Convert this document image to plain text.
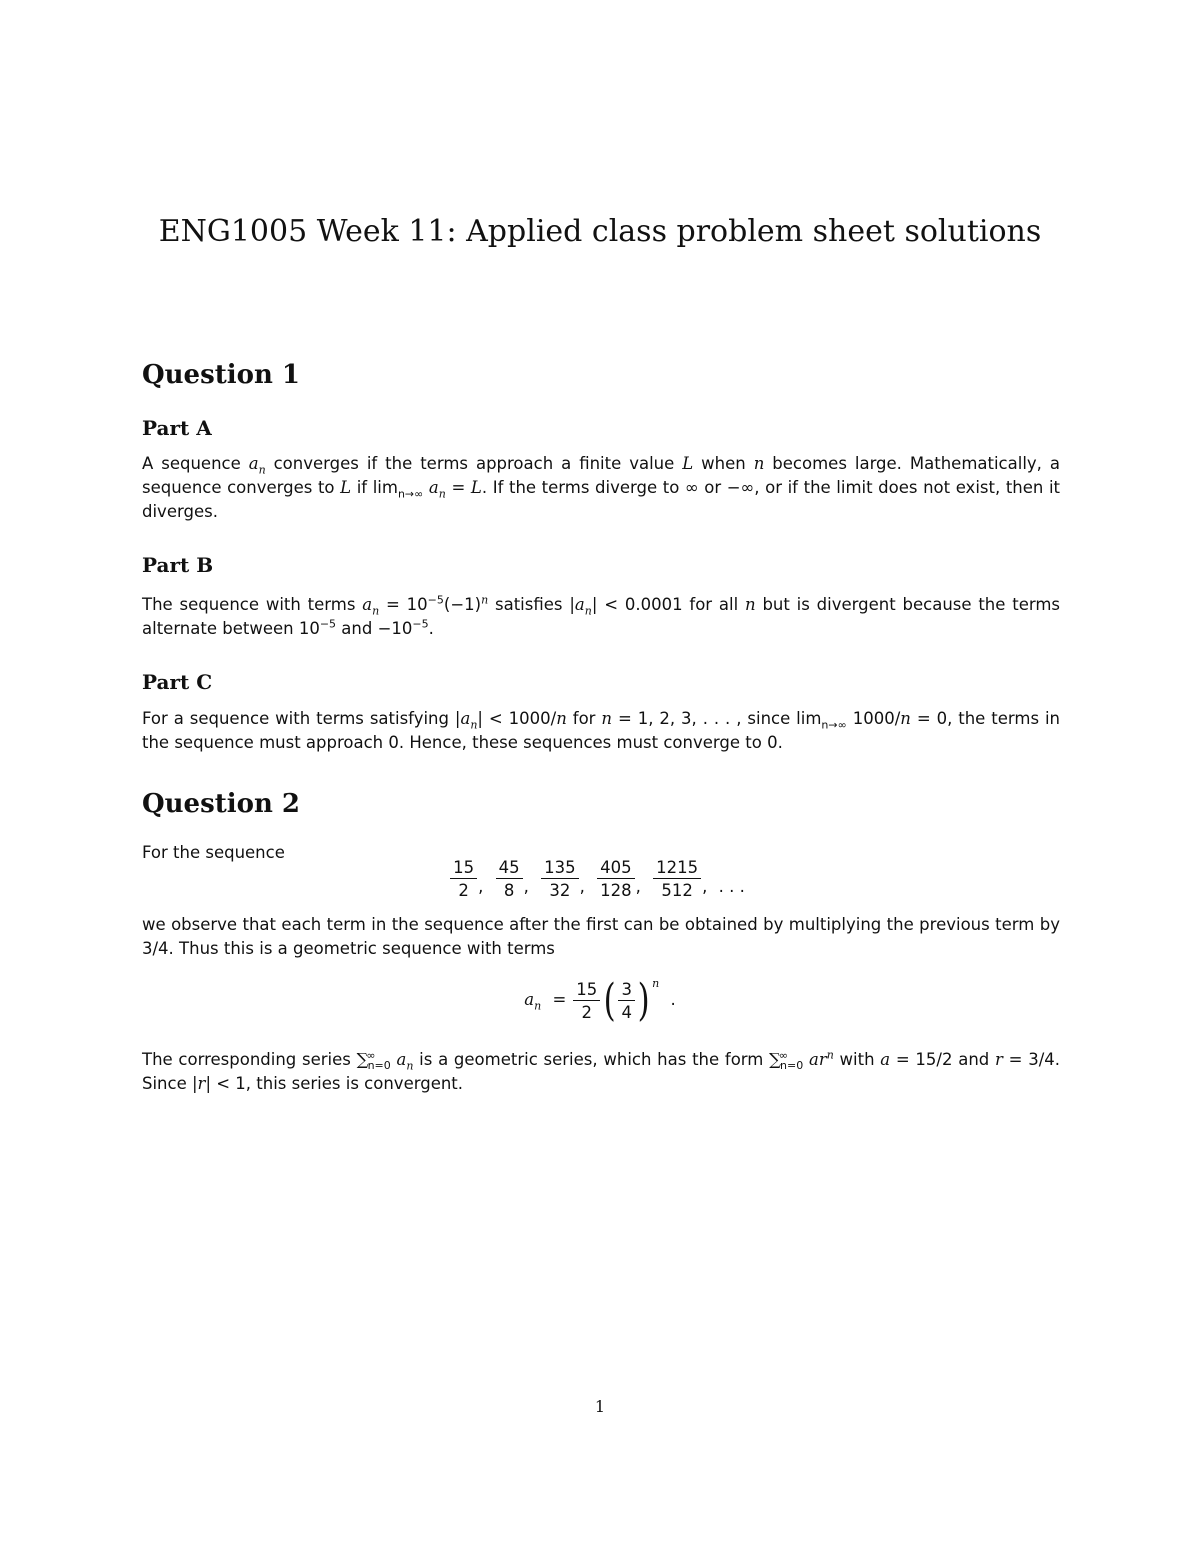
ENG1005 Week 11: Applied class problem sheet solutions
Question 1
Part A

A sequence $a_n$ converges if the terms approach a finite value L when n becomes large. Mathematically, a sequence converges to L if $\lim_{n\to\infty} a_n = L$. If the terms diverge to ∞ or −∞, or if the limit does not exist, then it diverges.

Part B

The sequence with terms $a_n = 10^{-5}(-1)^n$ satisfies $|a_n| < 0.0001$ for all n but is divergent because the terms alternate between $10^{-5}$ and $-10^{-5}$.

Part C

For a sequence with terms satisfying $|a_n| < 1000/n$ for n = 1, 2, 3, . . . , since $\lim_{n\to\infty} 1000/n = 0$, the terms in the sequence must approach 0. Hence, these sequences must converge to 0.

Question 2

For the sequence

$\frac{15}{2}$ , $\frac{45}{8}$ , $\frac{135}{32}$ , $\frac{405}{128}$ , $\frac{1215}{512}$ , . . .

we observe that each term in the sequence after the first can be obtained by multiplying the previous term by 3/4. Thus this is a geometric sequence with terms

$a_n = \frac{15}{2}$ ( $\frac{3}{4}$ ) $^n$ .

The corresponding series $\sum^\infty_{n=0}$ $a_n$ is a geometric series, which has the form $\sum^\infty_{n=0}$ $ar^n$ with a = 15/2 and r = 3/4. Since |r| < 1, this series is convergent.

1
